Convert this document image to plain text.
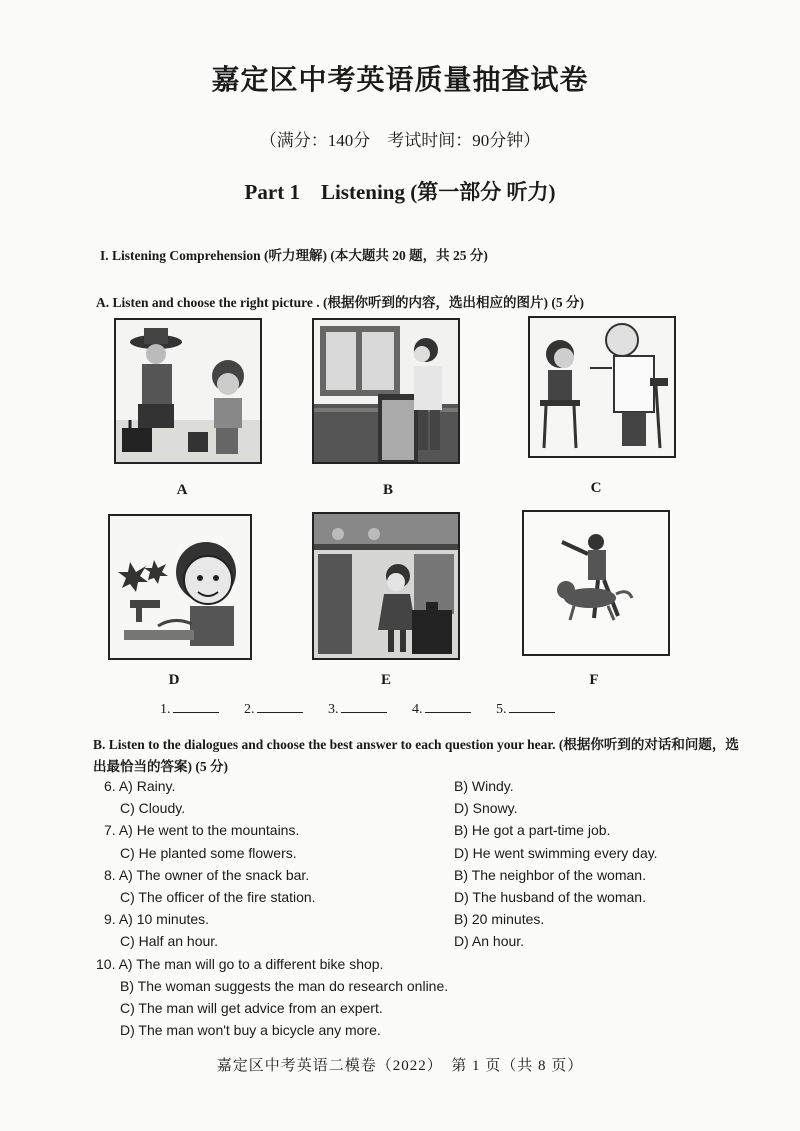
嘉定区中考英语质量抽查试卷
（满分：140分　考试时间：90分钟）
Part 1　Listening (第一部分 听力)
I. Listening Comprehension (听力理解) (本大题共 20 题，共 25 分)
A. Listen and choose the right picture . (根据你听到的内容，选出相应的图片) (5 分)
A	B	C
D	E	F
1.	2.	3.	4.	5.
B. Listen to the dialogues and choose the best answer to each question your hear. (根据你听到的对话和问题，选出最恰当的答案) (5 分)
6. A) Rainy.	B) Windy.
C) Cloudy.	D) Snowy.
7. A) He went to the mountains.	B) He got a part-time job.
C) He planted some flowers.	D) He went swimming every day.
8. A) The owner of the snack bar.	B) The neighbor of the woman.
C) The officer of the fire station.	D) The husband of the woman.
9. A) 10 minutes.	B) 20 minutes.
C) Half an hour.	D) An hour.
10. A) The man will go to a different bike shop.
B) The woman suggests the man do research online.
C) The man will get advice from an expert.
D) The man won't buy a bicycle any more.
嘉定区中考英语二模卷（2022）　第 1 页（共 8 页）
